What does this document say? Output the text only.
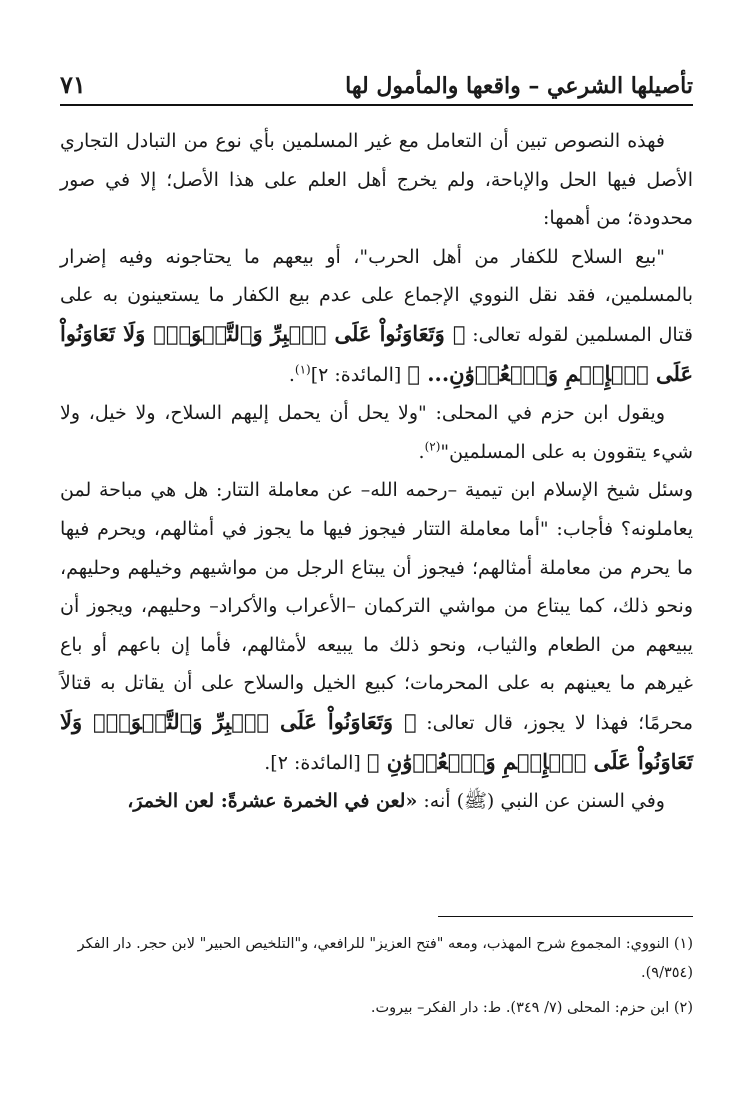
تأصيلها الشرعي – واقعها والمأمول لها
٧١

فهذه النصوص تبين أن التعامل مع غير المسلمين بأي نوع من التبادل التجاري الأصل فيها الحل والإباحة، ولم يخرج أهل العلم على هذا الأصل؛ إلا في صور محدودة؛ من أهمها:

"بيع السلاح للكفار من أهل الحرب"، أو بيعهم ما يحتاجونه وفيه إضرار بالمسلمين، فقد نقل النووي الإجماع على عدم بيع الكفار ما يستعينون به على قتال المسلمين لقوله تعالى: ﴿ وَتَعَاوَنُواْ عَلَى ٱلۡبِرِّ وَٱلتَّقۡوَىٰۖ وَلَا تَعَاوَنُواْ عَلَى ٱلۡإِثۡمِ وَٱلۡعُدۡوَٰنِ... ﴾ [المائدة: ٢]$^{(١)}$.

ويقول ابن حزم في المحلى: "ولا يحل أن يحمل إليهم السلاح، ولا خيل، ولا شيء يتقوون به على المسلمين"$^{(٢)}$.

وسئل شيخ الإسلام ابن تيمية –رحمه الله– عن معاملة التتار: هل هي مباحة لمن يعاملونه؟ فأجاب: "أما معاملة التتار فيجوز فيها ما يجوز في أمثالهم، ويحرم فيها ما يحرم من معاملة أمثالهم؛ فيجوز أن يبتاع الرجل من مواشيهم وخيلهم وحليهم، ونحو ذلك، كما يبتاع من مواشي التركمان –الأعراب والأكراد– وحليهم، ويجوز أن يبيعهم من الطعام والثياب، ونحو ذلك ما يبيعه لأمثالهم، فأما إن باعهم أو باع غيرهم ما يعينهم به على المحرمات؛ كبيع الخيل والسلاح على أن يقاتل به قتالاً محرمًا؛ فهذا لا يجوز، قال تعالى: ﴿ وَتَعَاوَنُواْ عَلَى ٱلۡبِرِّ وَٱلتَّقۡوَىٰۖ وَلَا تَعَاوَنُواْ عَلَى ٱلۡإِثۡمِ وَٱلۡعُدۡوَٰنِ ﴾ [المائدة: ٢].

وفي السنن عن النبي (ﷺ) أنه: «لعن في الخمرة عشرةً: لعن الخمرَ،

(١) النووي: المجموع شرح المهذب، ومعه "فتح العزيز" للرافعي، و"التلخيص الحبير" لابن حجر. دار الفكر (٩/٣٥٤).

(٢) ابن حزم: المحلى (٧/ ٣٤٩). ط: دار الفكر– بيروت.
